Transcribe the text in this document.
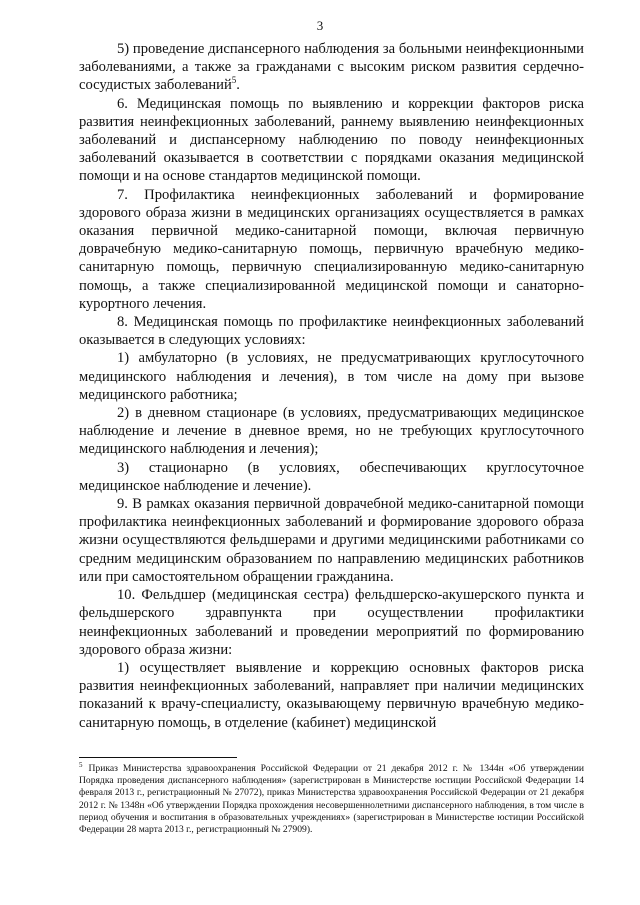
3

5) проведение диспансерного наблюдения за больными неинфекционными заболеваниями, а также за гражданами с высоким риском развития сердечно-сосудистых заболеваний$^5$.

6. Медицинская помощь по выявлению и коррекции факторов риска развития неинфекционных заболеваний, раннему выявлению неинфекционных заболеваний и диспансерному наблюдению по поводу неинфекционных заболеваний оказывается в соответствии с порядками оказания медицинской помощи и на основе стандартов медицинской помощи.

7. Профилактика неинфекционных заболеваний и формирование здорового образа жизни в медицинских организациях осуществляется в рамках оказания первичной медико-санитарной помощи, включая первичную доврачебную медико-санитарную помощь, первичную врачебную медико-санитарную помощь, первичную специализированную медико-санитарную помощь, а также специализированной медицинской помощи и санаторно-курортного лечения.

8. Медицинская помощь по профилактике неинфекционных заболеваний оказывается в следующих условиях:

1) амбулаторно (в условиях, не предусматривающих круглосуточного медицинского наблюдения и лечения), в том числе на дому при вызове медицинского работника;

2) в дневном стационаре (в условиях, предусматривающих медицинское наблюдение и лечение в дневное время, но не требующих круглосуточного медицинского наблюдения и лечения);

3) стационарно (в условиях, обеспечивающих круглосуточное медицинское наблюдение и лечение).

9. В рамках оказания первичной доврачебной медико-санитарной помощи профилактика неинфекционных заболеваний и формирование здорового образа жизни осуществляются фельдшерами и другими медицинскими работниками со средним медицинским образованием по направлению медицинских работников или при самостоятельном обращении гражданина.

10. Фельдшер (медицинская сестра) фельдшерско-акушерского пункта и фельдшерского здравпункта при осуществлении профилактики неинфекционных заболеваний и проведении мероприятий по формированию здорового образа жизни:

1) осуществляет выявление и коррекцию основных факторов риска развития неинфекционных заболеваний, направляет при наличии медицинских показаний к врачу-специалисту, оказывающему первичную врачебную медико-санитарную помощь, в отделение (кабинет) медицинской

$^5$ Приказ Министерства здравоохранения Российской Федерации от 21 декабря 2012 г. № 1344н «Об утверждении Порядка проведения диспансерного наблюдения» (зарегистрирован в Министерстве юстиции Российской Федерации 14 февраля 2013 г., регистрационный № 27072), приказ Министерства здравоохранения Российской Федерации от 21 декабря 2012 г. № 1348н «Об утверждении Порядка прохождения несовершеннолетними диспансерного наблюдения, в том числе в период обучения и воспитания в образовательных учреждениях» (зарегистрирован в Министерстве юстиции Российской Федерации 28 марта 2013 г., регистрационный № 27909).
